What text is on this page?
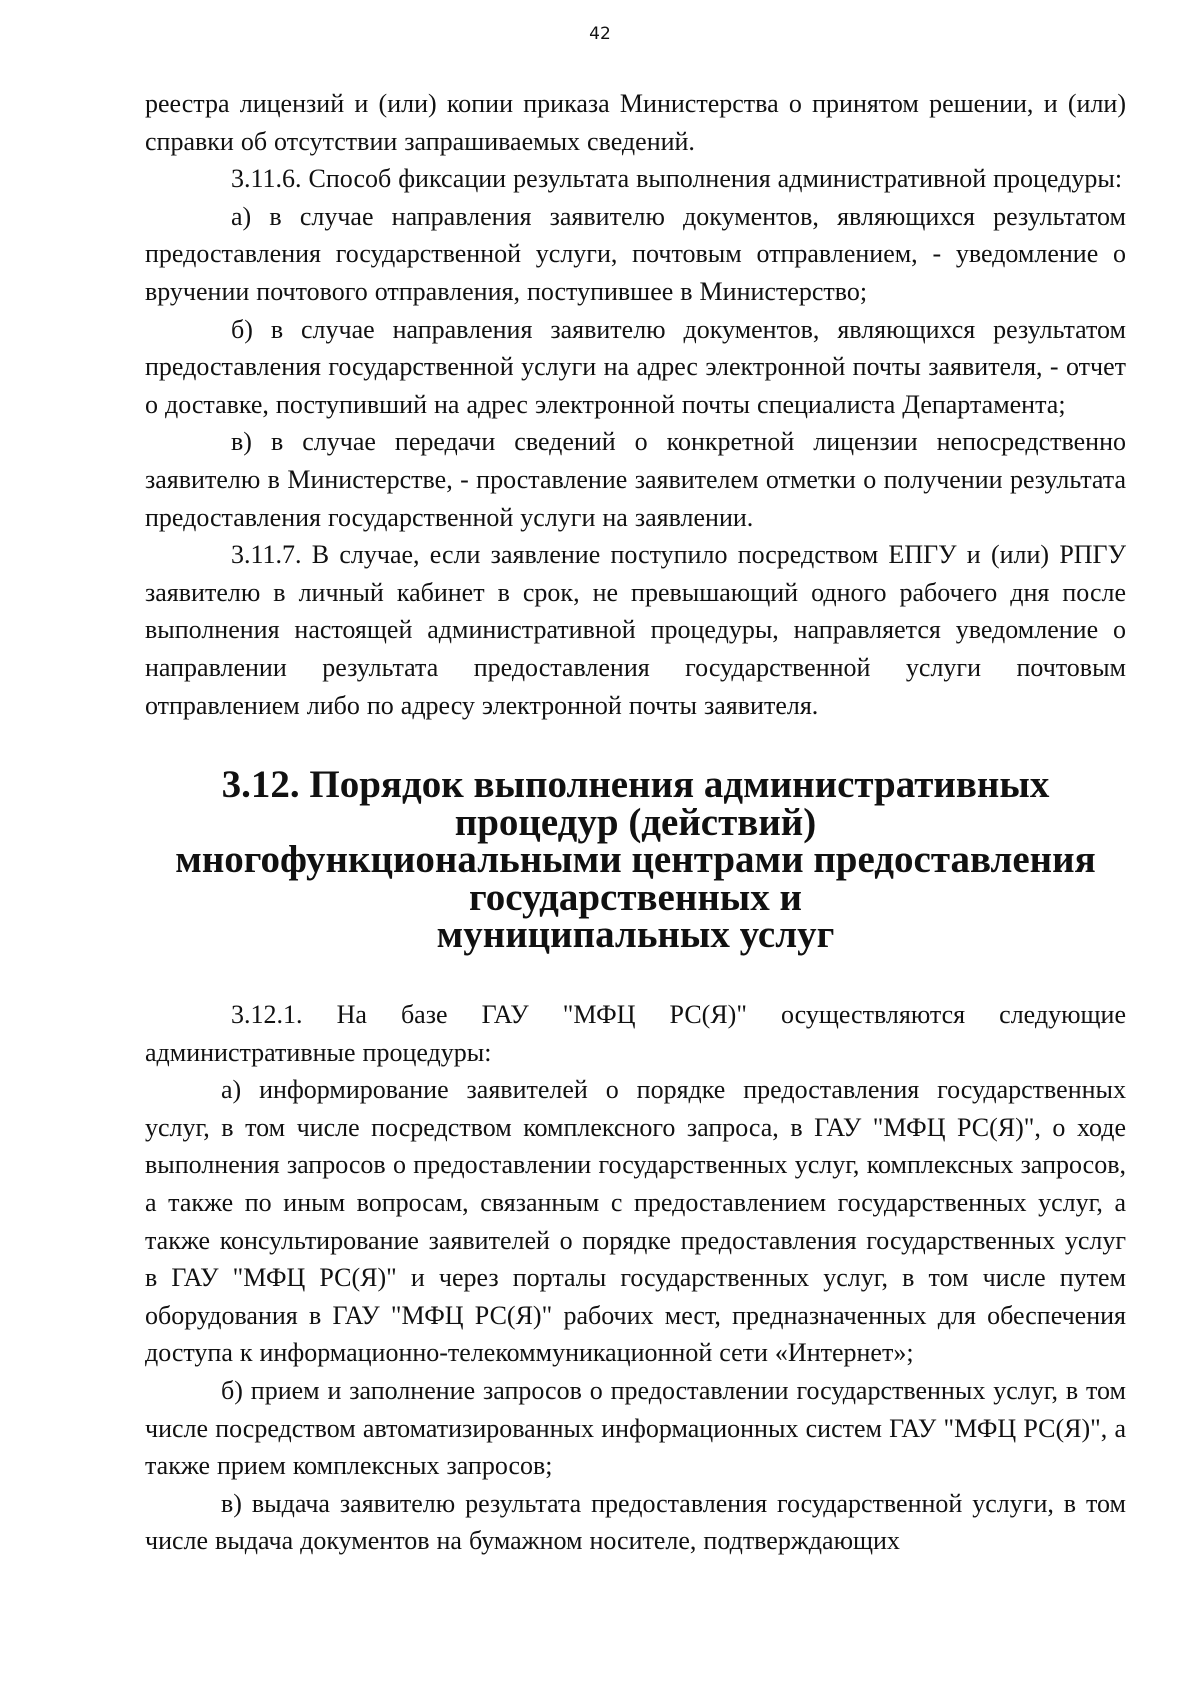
42

реестра лицензий и (или) копии приказа Министерства о принятом решении, и (или) справки об отсутствии запрашиваемых сведений.

3.11.6. Способ фиксации результата выполнения административной процедуры:

а) в случае направления заявителю документов, являющихся результатом предоставления государственной услуги, почтовым отправлением, - уведомление о вручении почтового отправления, поступившее в Министерство;

б) в случае направления заявителю документов, являющихся результатом предоставления государственной услуги на адрес электронной почты заявителя, - отчет о доставке, поступивший на адрес электронной почты специалиста Департамента;

в) в случае передачи сведений о конкретной лицензии непосредственно заявителю в Министерстве, - проставление заявителем отметки о получении результата предоставления государственной услуги на заявлении.

3.11.7. В случае, если заявление поступило посредством ЕПГУ и (или) РПГУ заявителю в личный кабинет в срок, не превышающий одного рабочего дня после выполнения настоящей административной процедуры, направляется уведомление о направлении результата предоставления государственной услуги почтовым отправлением либо по адресу электронной почты заявителя.

3.12. Порядок выполнения административных процедур (действий)
многофункциональными центрами предоставления государственных и
муниципальных услуг

3.12.1. На базе ГАУ "МФЦ РС(Я)" осуществляются следующие административные процедуры:

а) информирование заявителей о порядке предоставления государственных услуг, в том числе посредством комплексного запроса, в ГАУ "МФЦ РС(Я)", о ходе выполнения запросов о предоставлении государственных услуг, комплексных запросов, а также по иным вопросам, связанным с предоставлением государственных услуг, а также консультирование заявителей о порядке предоставления государственных услуг в ГАУ "МФЦ РС(Я)" и через порталы государственных услуг, в том числе путем оборудования в ГАУ "МФЦ РС(Я)" рабочих мест, предназначенных для обеспечения доступа к информационно-телекоммуникационной сети «Интернет»;

б) прием и заполнение запросов о предоставлении государственных услуг, в том числе посредством автоматизированных информационных систем ГАУ "МФЦ РС(Я)", а также прием комплексных запросов;

в) выдача заявителю результата предоставления государственной услуги, в том числе выдача документов на бумажном носителе, подтверждающих
